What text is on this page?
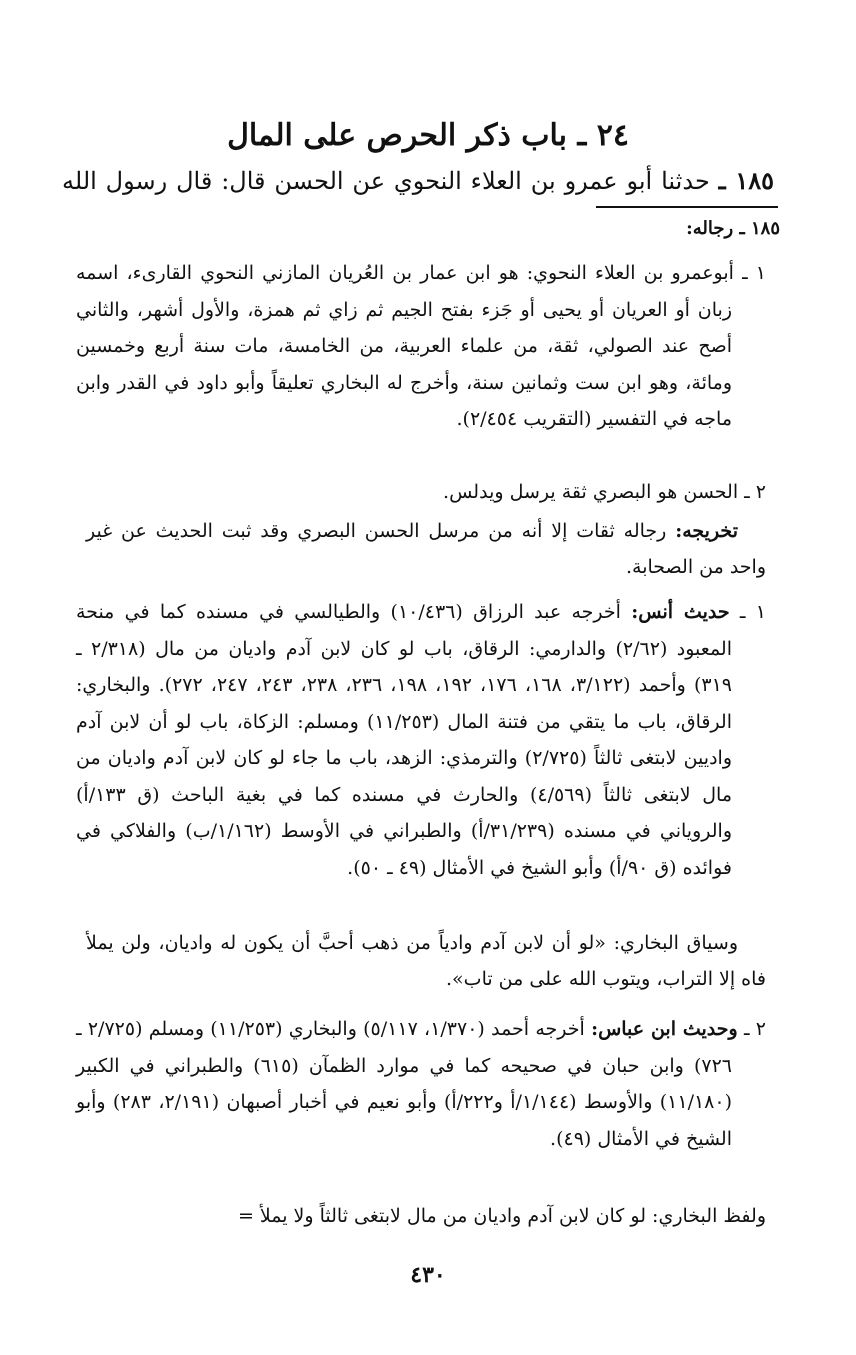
٢٤ ـ باب ذكر الحرص على المال
١٨٥ ـ حدثنا أبو عمرو بن العلاء النحوي عن الحسن قال: قال رسول الله
١٨٥ ـ رجاله:
١ ـ أبوعمرو بن العلاء النحوي: هو ابن عمار بن العُريان المازني النحوي القارىء، اسمه زبان أو العريان أو يحيى أو جَزء بفتح الجيم ثم زاي ثم همزة، والأول أشهر، والثاني أصح عند الصولي، ثقة، من علماء العربية، من الخامسة، مات سنة أربع وخمسين ومائة، وهو ابن ست وثمانين سنة، وأخرج له البخاري تعليقاً وأبو داود في القدر وابن ماجه في التفسير (التقريب ٢/٤٥٤).
٢ ـ الحسن هو البصري ثقة يرسل ويدلس.
تخريجه: رجاله ثقات إلا أنه من مرسل الحسن البصري وقد ثبت الحديث عن غير واحد من الصحابة.
١ ـ حديث أنس: أخرجه عبد الرزاق (١٠/٤٣٦) والطيالسي في مسنده كما في منحة المعبود (٢/٦٢) والدارمي: الرقاق، باب لو كان لابن آدم واديان من مال (٢/٣١٨ ـ ٣١٩) وأحمد (٣/١٢٢، ١٦٨، ١٧٦، ١٩٢، ١٩٨، ٢٣٦، ٢٣٨، ٢٤٣، ٢٤٧، ٢٧٢). والبخاري: الرقاق، باب ما يتقي من فتنة المال (١١/٢٥٣) ومسلم: الزكاة، باب لو أن لابن آدم واديين لابتغى ثالثاً (٢/٧٢٥) والترمذي: الزهد، باب ما جاء لو كان لابن آدم واديان من مال لابتغى ثالثاً (٤/٥٦٩) والحارث في مسنده كما في بغية الباحث (ق ١٣٣/أ) والروياني في مسنده (٣١/٢٣٩/أ) والطبراني في الأوسط (١/١٦٢/ب) والفلاكي في فوائده (ق ٩٠/أ) وأبو الشيخ في الأمثال (٤٩ ـ ٥٠).
وسياق البخاري: «لو أن لابن آدم وادياً من ذهب أحبَّ أن يكون له واديان، ولن يملأ فاه إلا التراب، ويتوب الله على من تاب».
٢ ـ وحديث ابن عباس: أخرجه أحمد (١/٣٧٠، ٥/١١٧) والبخاري (١١/٢٥٣) ومسلم (٢/٧٢٥ ـ ٧٢٦) وابن حبان في صحيحه كما في موارد الظمآن (٦١٥) والطبراني في الكبير (١١/١٨٠) والأوسط (١/١٤٤/أ و٢٢٢/أ) وأبو نعيم في أخبار أصبهان (٢/١٩١، ٢٨٣) وأبو الشيخ في الأمثال (٤٩).
ولفظ البخاري: لو كان لابن آدم واديان من مال لابتغى ثالثاً ولا يملأ =
٤٣٠
